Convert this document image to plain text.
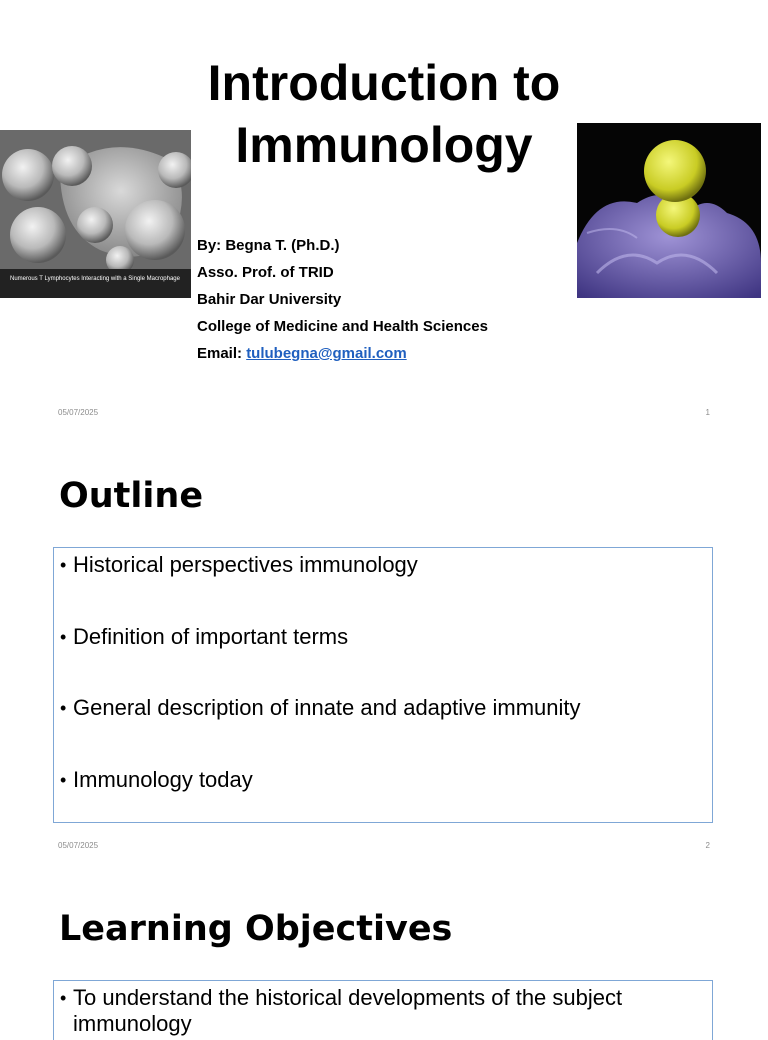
Introduction to Immunology
Numerous T Lymphocytes Interacting with a Single Macrophage
By: Begna T. (Ph.D.)
Asso. Prof. of TRID
Bahir Dar University
College of Medicine and Health Sciences
Email: tulubegna@gmail.com
05/07/2025	1
Outline
• Historical perspectives immunology
• Definition of important terms
• General description of innate and adaptive immunity
• Immunology today
05/07/2025	2
Learning Objectives
• To understand the historical developments of the subject immunology
